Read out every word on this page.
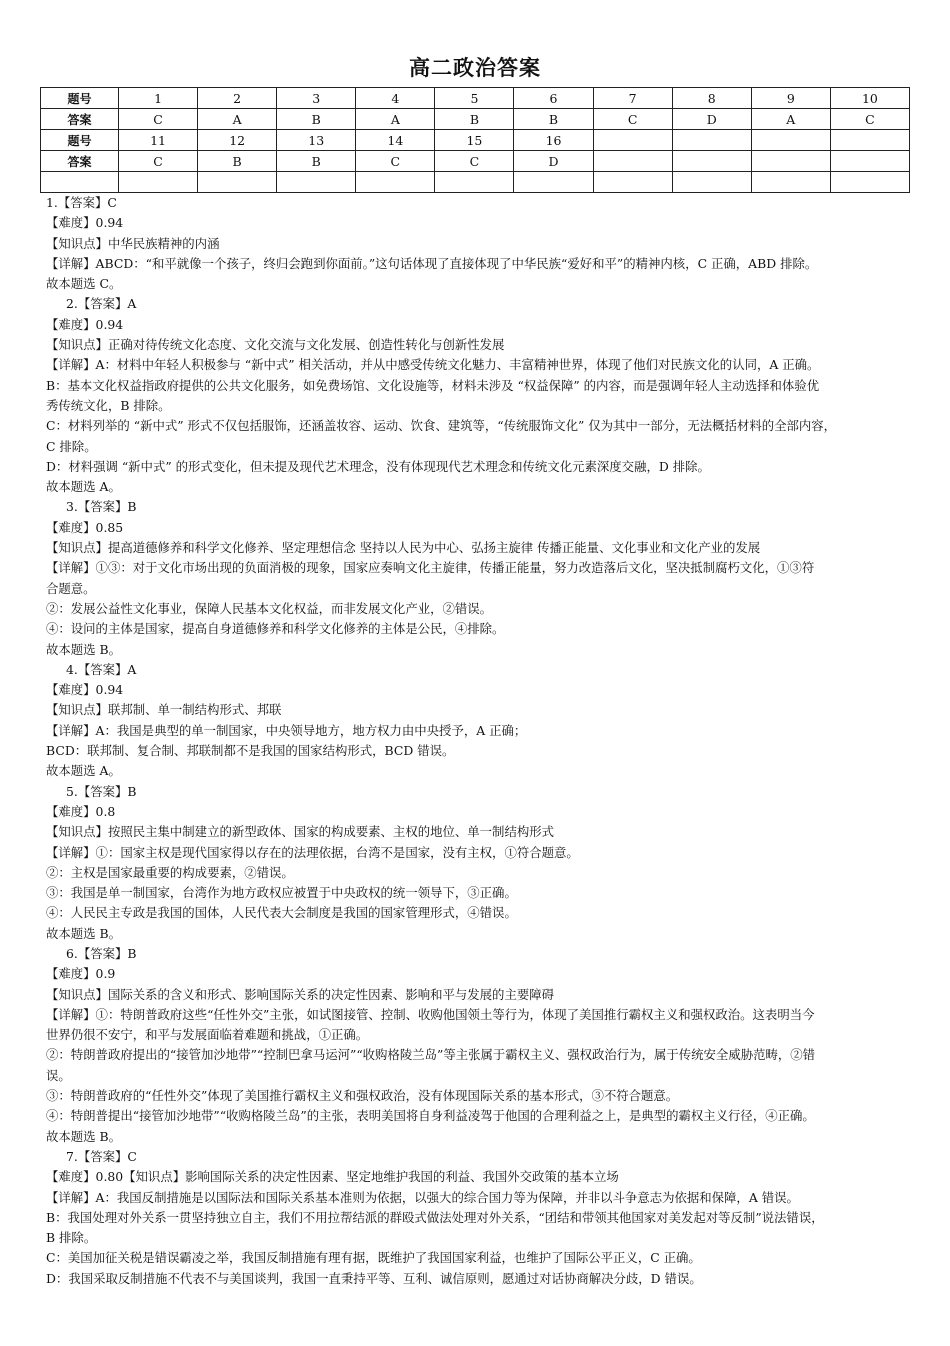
高二政治答案
题号	1	2	3	4	5	6	7	8	9	10
答案	C	A	B	A	B	B	C	D	A	C
题号	11	12	13	14	15	16				
答案	C	B	B	C	C	D				

1.【答案】C
【难度】0.94
【知识点】中华民族精神的内涵
【详解】ABCD：“和平就像一个孩子，终归会跑到你面前。”这句话体现了直接体现了中华民族“爱好和平”的精神内核，C 正确，ABD 排除。
故本题选 C。
2.【答案】A
【难度】0.94
【知识点】正确对待传统文化态度、文化交流与文化发展、创造性转化与创新性发展
【详解】A：材料中年轻人积极参与 “新中式” 相关活动，并从中感受传统文化魅力、丰富精神世界，体现了他们对民族文化的认同，A 正确。
B：基本文化权益指政府提供的公共文化服务，如免费场馆、文化设施等，材料未涉及 “权益保障” 的内容，而是强调年轻人主动选择和体验优
秀传统文化，B 排除。
C：材料列举的 “新中式” 形式不仅包括服饰，还涵盖妆容、运动、饮食、建筑等，“传统服饰文化” 仅为其中一部分，无法概括材料的全部内容，
C 排除。
D：材料强调 “新中式” 的形式变化，但未提及现代艺术理念，没有体现现代艺术理念和传统文化元素深度交融，D 排除。
故本题选 A。
3.【答案】B
【难度】0.85
【知识点】提高道德修养和科学文化修养、坚定理想信念 坚持以人民为中心、弘扬主旋律 传播正能量、文化事业和文化产业的发展
【详解】①③：对于文化市场出现的负面消极的现象，国家应奏响文化主旋律，传播正能量，努力改造落后文化，坚决抵制腐朽文化，①③符
合题意。
②：发展公益性文化事业，保障人民基本文化权益，而非发展文化产业，②错误。
④：设问的主体是国家，提高自身道德修养和科学文化修养的主体是公民，④排除。
故本题选 B。
4.【答案】A
【难度】0.94
【知识点】联邦制、单一制结构形式、邦联
【详解】A：我国是典型的单一制国家，中央领导地方，地方权力由中央授予，A 正确；
BCD：联邦制、复合制、邦联制都不是我国的国家结构形式，BCD 错误。
故本题选 A。
5.【答案】B
【难度】0.8
【知识点】按照民主集中制建立的新型政体、国家的构成要素、主权的地位、单一制结构形式
【详解】①：国家主权是现代国家得以存在的法理依据，台湾不是国家，没有主权，①符合题意。
②：主权是国家最重要的构成要素，②错误。
③：我国是单一制国家，台湾作为地方政权应被置于中央政权的统一领导下，③正确。
④：人民民主专政是我国的国体，人民代表大会制度是我国的国家管理形式，④错误。
故本题选 B。
6.【答案】B
【难度】0.9
【知识点】国际关系的含义和形式、影响国际关系的决定性因素、影响和平与发展的主要障碍
【详解】①：特朗普政府这些“任性外交”主张，如试图接管、控制、收购他国领土等行为，体现了美国推行霸权主义和强权政治。这表明当今
世界仍很不安宁，和平与发展面临着难题和挑战，①正确。
②：特朗普政府提出的“接管加沙地带”“控制巴拿马运河”“收购格陵兰岛”等主张属于霸权主义、强权政治行为，属于传统安全威胁范畴，②错
误。
③：特朗普政府的“任性外交”体现了美国推行霸权主义和强权政治，没有体现国际关系的基本形式，③不符合题意。
④：特朗普提出“接管加沙地带”“收购格陵兰岛”的主张，表明美国将自身利益凌驾于他国的合理利益之上，是典型的霸权主义行径，④正确。
故本题选 B。
7.【答案】C
【难度】0.80【知识点】影响国际关系的决定性因素、坚定地维护我国的利益、我国外交政策的基本立场
【详解】A：我国反制措施是以国际法和国际关系基本准则为依据，以强大的综合国力等为保障，并非以斗争意志为依据和保障，A 错误。
B：我国处理对外关系一贯坚持独立自主，我们不用拉帮结派的群殴式做法处理对外关系，“团结和带领其他国家对美发起对等反制”说法错误，
B 排除。
C：美国加征关税是错误霸凌之举，我国反制措施有理有据，既维护了我国国家利益，也维护了国际公平正义，C 正确。
D：我国采取反制措施不代表不与美国谈判，我国一直秉持平等、互利、诚信原则，愿通过对话协商解决分歧，D 错误。
